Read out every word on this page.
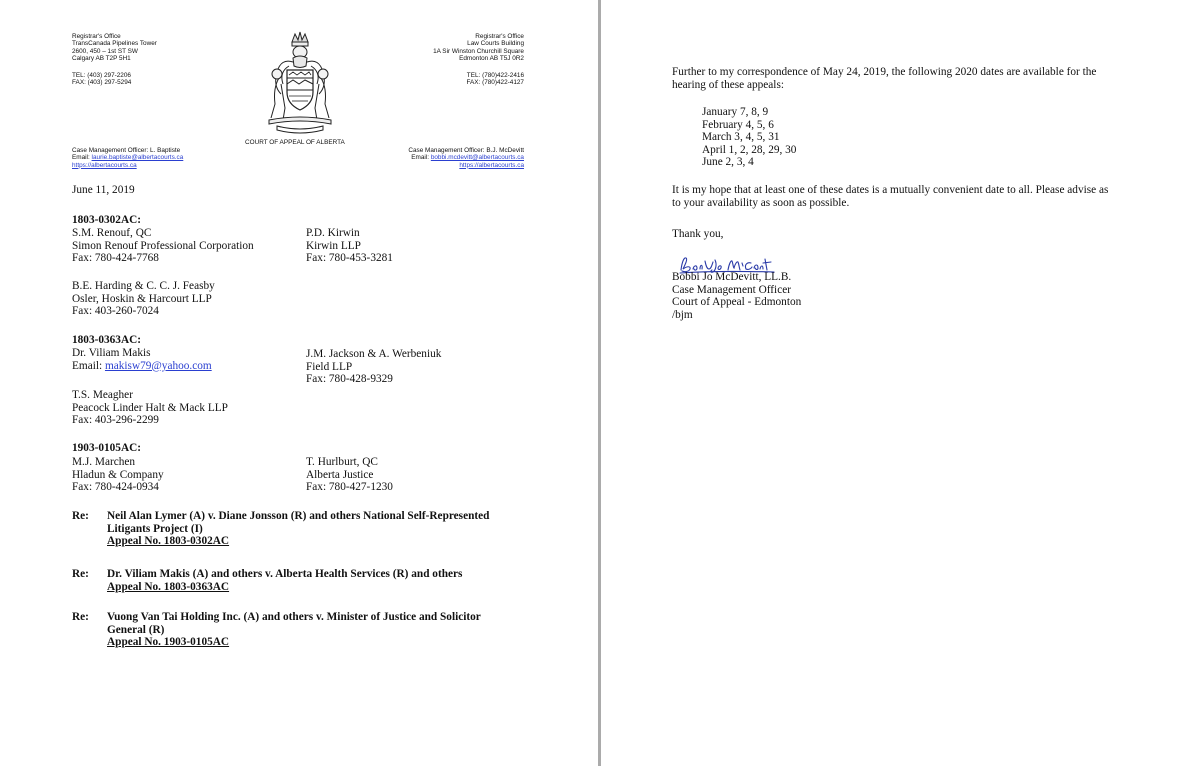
Registrar's Office
TransCanada Pipelines Tower
2600, 450 – 1st ST SW
Calgary AB T2P 5H1
TEL: (403) 297-2206
FAX: (403) 297-5294
Registrar's Office
Law Courts Building
1A Sir Winston Churchill Square
Edmonton AB T5J 0R2
TEL: (780)422-2416
FAX: (780)422-4127
COURT OF APPEAL OF ALBERTA
Case Management Officer: L. Baptiste
Email: laurie.baptiste@albertacourts.ca
https://albertacourts.ca
Case Management Officer: B.J. McDevitt
Email: bobbi.mcdevitt@albertacourts.ca
https://albertacourts.ca
June 11, 2019
1803-0302AC:
S.M. Renouf, QC
Simon Renouf Professional Corporation
Fax: 780-424-7768
P.D. Kirwin
Kirwin LLP
Fax: 780-453-3281
B.E. Harding & C. C. J. Feasby
Osler, Hoskin & Harcourt LLP
Fax: 403-260-7024
1803-0363AC:
Dr. Viliam Makis
Email: makisw79@yahoo.com
J.M. Jackson & A. Werbeniuk
Field LLP
Fax: 780-428-9329
T.S. Meagher
Peacock Linder Halt & Mack LLP
Fax: 403-296-2299
1903-0105AC:
M.J. Marchen
Hladun & Company
Fax: 780-424-0934
T. Hurlburt, QC
Alberta Justice
Fax: 780-427-1230
Re: Neil Alan Lymer (A) v. Diane Jonsson (R) and others National Self-Represented
Litigants Project (I)
Appeal No. 1803-0302AC
Re: Dr. Viliam Makis (A) and others v. Alberta Health Services (R) and others
Appeal No. 1803-0363AC
Re: Vuong Van Tai Holding Inc. (A) and others v. Minister of Justice and Solicitor
General (R)
Appeal No. 1903-0105AC
Further to my correspondence of May 24, 2019, the following 2020 dates are available for the
hearing of these appeals:
January 7, 8, 9
February 4, 5, 6
March 3, 4, 5, 31
April 1, 2, 28, 29, 30
June 2, 3, 4
It is my hope that at least one of these dates is a mutually convenient date to all. Please advise as
to your availability as soon as possible.
Thank you,
Bobbi Jo McDevitt, LL.B.
Case Management Officer
Court of Appeal - Edmonton
/bjm
